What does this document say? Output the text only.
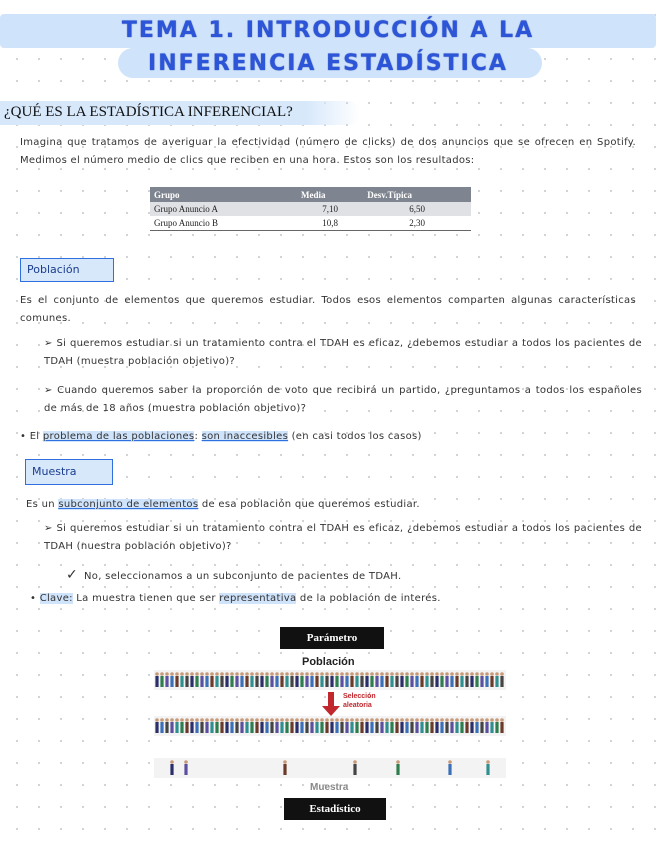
TEMA 1. INTRODUCCIÓN A LA
INFERENCIA ESTADÍSTICA
¿QUÉ ES LA ESTADÍSTICA INFERENCIAL?
Imagina que tratamos de averiguar la efectividad (número de clicks) de dos anuncios que se ofrecen en Spotify. Medimos el número medio de clics que reciben en una hora. Estos son los resultados:
Grupo	Media	Desv.Típica
Grupo Anuncio A	7,10	6,50
Grupo Anuncio B	10,8	2,30
Población
Es el conjunto de elementos que queremos estudiar. Todos esos elementos comparten algunas características comunes.
➢ Si queremos estudiar si un tratamiento contra el TDAH es eficaz, ¿debemos estudiar a todos los pacientes de TDAH (muestra población objetivo)?
➢ Cuando queremos saber la proporción de voto que recibirá un partido, ¿preguntamos a todos los españoles de más de 18 años (muestra población objetivo)?
• El problema de las poblaciones: son inaccesibles (en casi todos los casos)
Muestra
Es un subconjunto de elementos de esa población que queremos estudiar.
➢ Si queremos estudiar si un tratamiento contra el TDAH es eficaz, ¿debemos estudiar a todos los pacientes de TDAH (nuestra población objetivo)?
✓ No, seleccionamos a un subconjunto de pacientes de TDAH.
• Clave: La muestra tienen que ser representativa de la población de interés.
Parámetro
Población
Selección aleatoria
Muestra
Estadístico
